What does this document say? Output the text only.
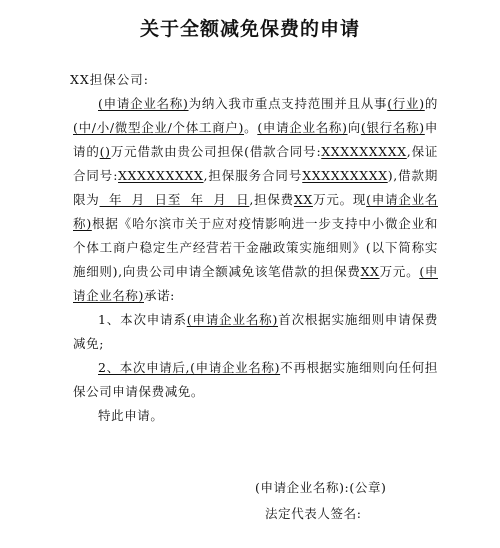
关于全额减免保费的申请
XX担保公司:

(申请企业名称)为纳入我市重点支持范围并且从事(行业)的(中/小/微型企业/个体工商户)。(申请企业名称)向(银行名称)申请的()万元借款由贵公司担保(借款合同号:XXXXXXXXX,保证合同号:XXXXXXXXX,担保服务合同号XXXXXXXXX),借款期限为  年  月  日至  年  月  日,担保费XX万元。现(申请企业名称)根据《哈尔滨市关于应对疫情影响进一步支持中小微企业和个体工商户稳定生产经营若干金融政策实施细则》(以下简称实施细则),向贵公司申请全额减免该笔借款的担保费XX万元。(申请企业名称)承诺:

1、本次申请系(申请企业名称)首次根据实施细则申请保费减免;

2、本次申请后,(申请企业名称)不再根据实施细则向任何担保公司申请保费减免。

特此申请。

(申请企业名称):(公章)
法定代表人签名:
